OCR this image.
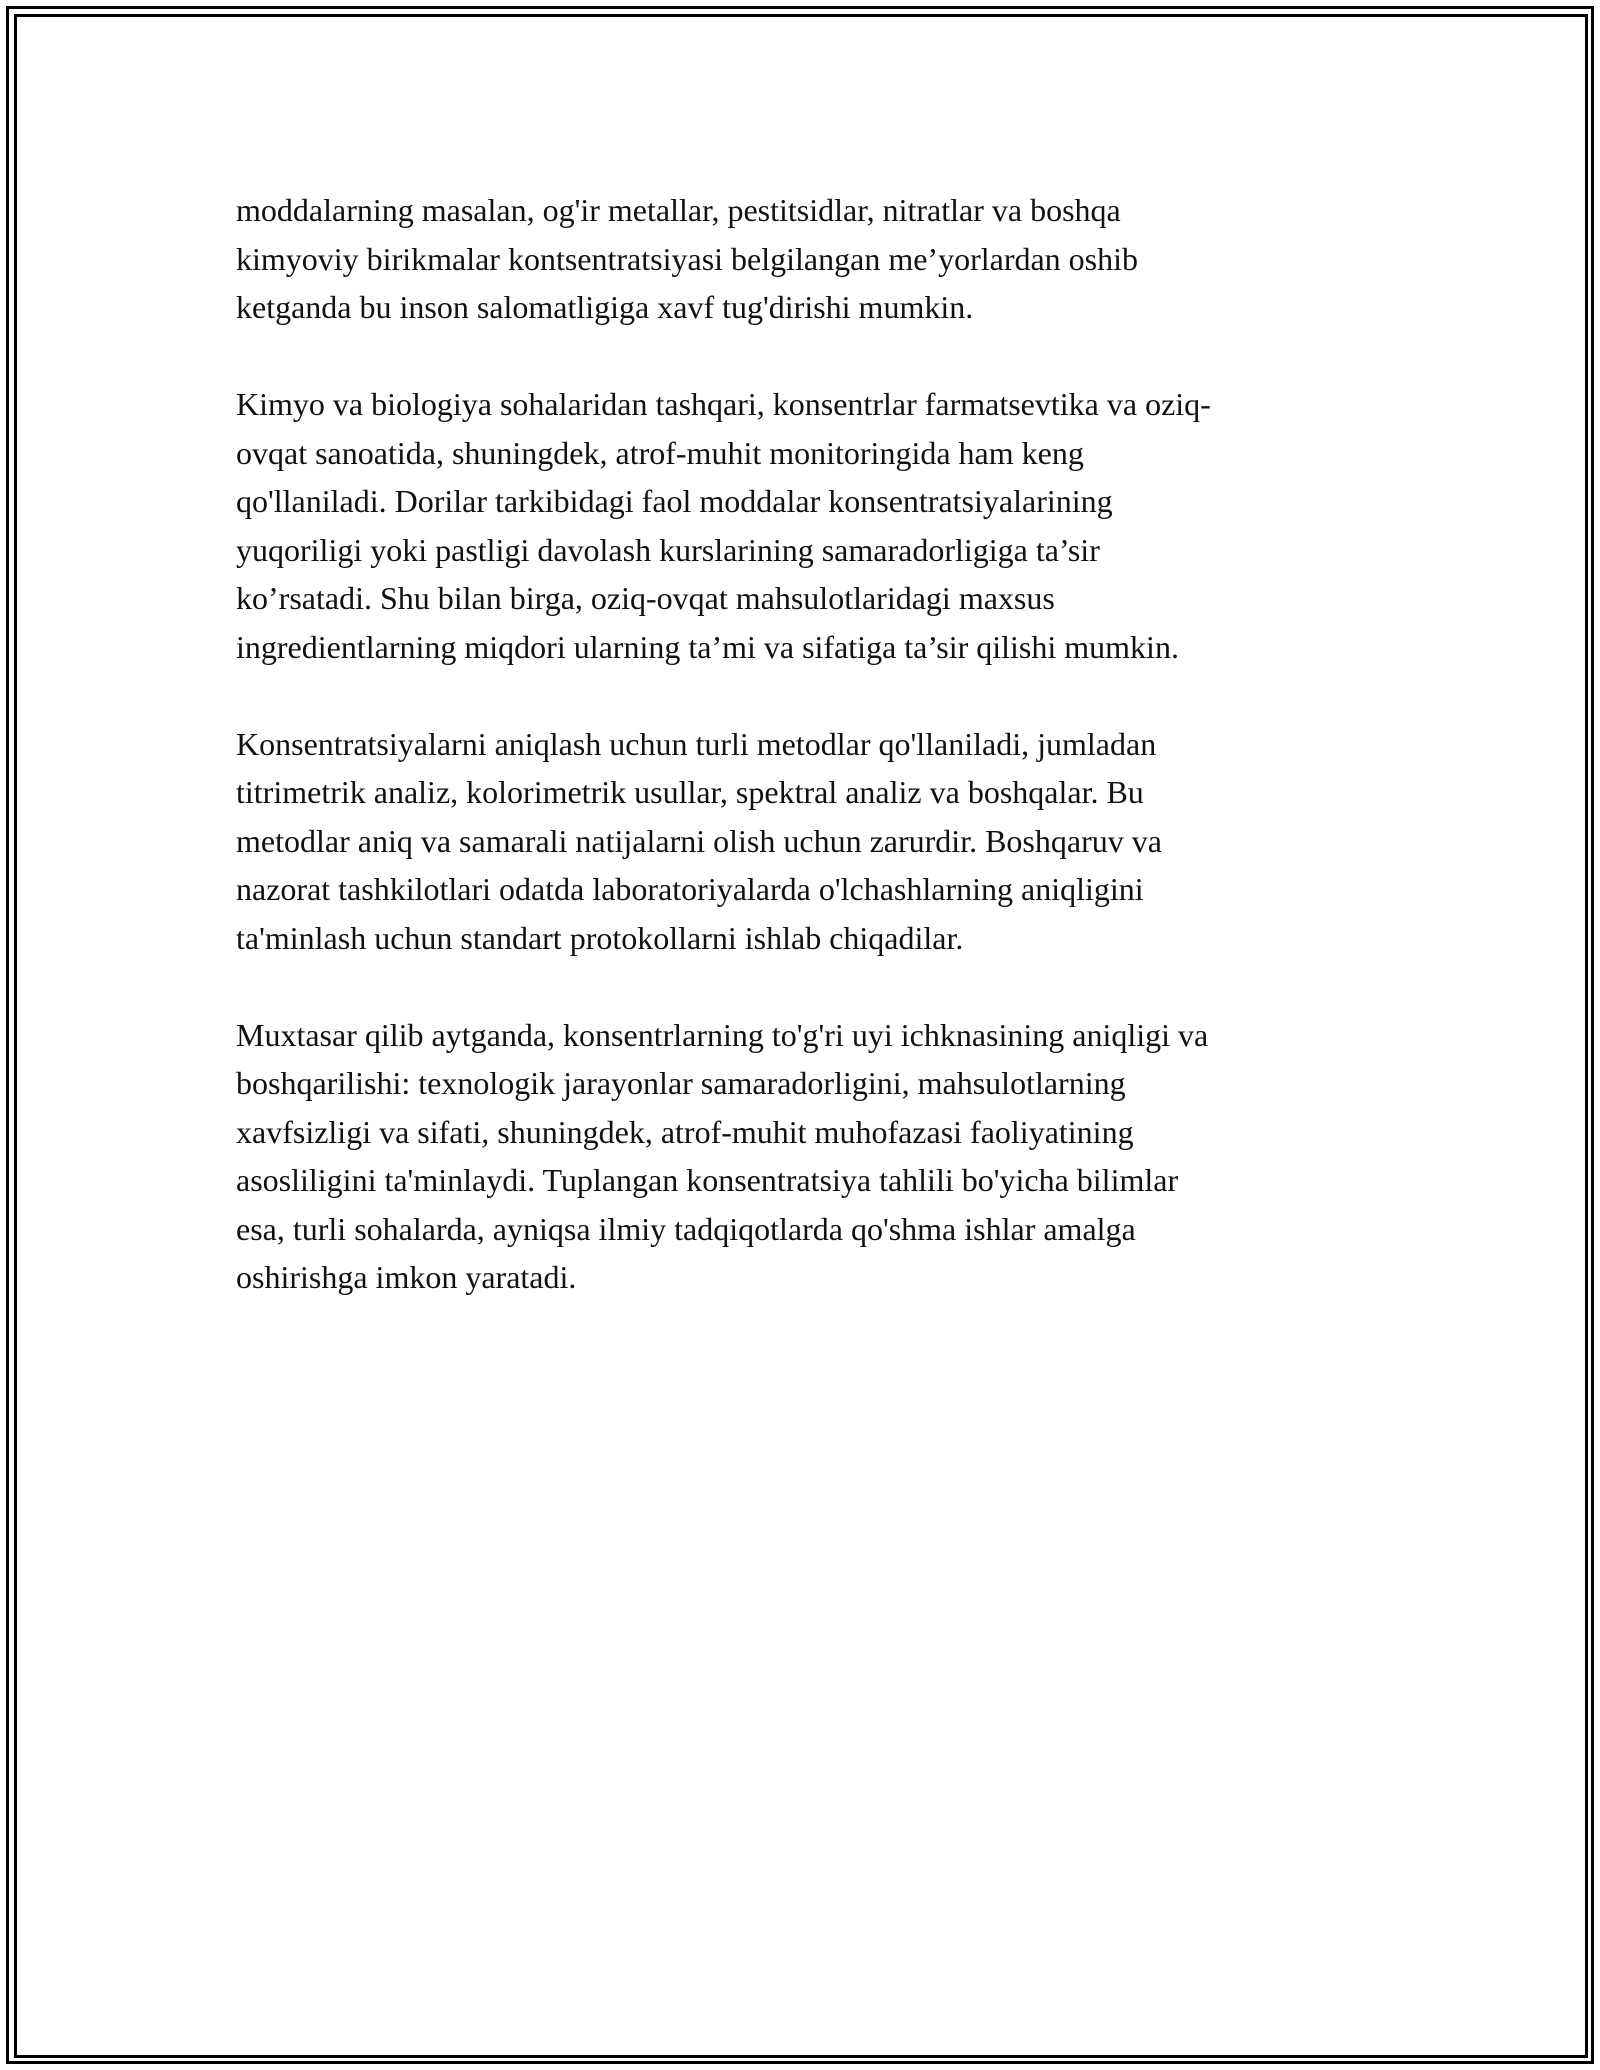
moddalarning masalan, og'ir metallar, pestitsidlar, nitratlar va boshqa
kimyoviy birikmalar kontsentratsiyasi belgilangan me’yorlardan oshib
ketganda bu inson salomatligiga xavf tug'dirishi mumkin.

Kimyo va biologiya sohalaridan tashqari, konsentrlar farmatsevtika va oziq-
ovqat sanoatida, shuningdek, atrof-muhit monitoringida ham keng
qo'llaniladi. Dorilar tarkibidagi faol moddalar konsentratsiyalarining
yuqoriligi yoki pastligi davolash kurslarining samaradorligiga ta’sir
ko’rsatadi. Shu bilan birga, oziq-ovqat mahsulotlaridagi maxsus
ingredientlarning miqdori ularning ta’mi va sifatiga ta’sir qilishi mumkin.

Konsentratsiyalarni aniqlash uchun turli metodlar qo'llaniladi, jumladan
titrimetrik analiz, kolorimetrik usullar, spektral analiz va boshqalar. Bu
metodlar aniq va samarali natijalarni olish uchun zarurdir. Boshqaruv va
nazorat tashkilotlari odatda laboratoriyalarda o'lchashlarning aniqligini
ta'minlash uchun standart protokollarni ishlab chiqadilar.

Muxtasar qilib aytganda, konsentrlarning to'g'ri uyi ichknasining aniqligi va
boshqarilishi: texnologik jarayonlar samaradorligini, mahsulotlarning
xavfsizligi va sifati, shuningdek, atrof-muhit muhofazasi faoliyatining
asosliligini ta'minlaydi. Tuplangan konsentratsiya tahlili bo'yicha bilimlar
esa, turli sohalarda, ayniqsa ilmiy tadqiqotlarda qo'shma ishlar amalga
oshirishga imkon yaratadi.
